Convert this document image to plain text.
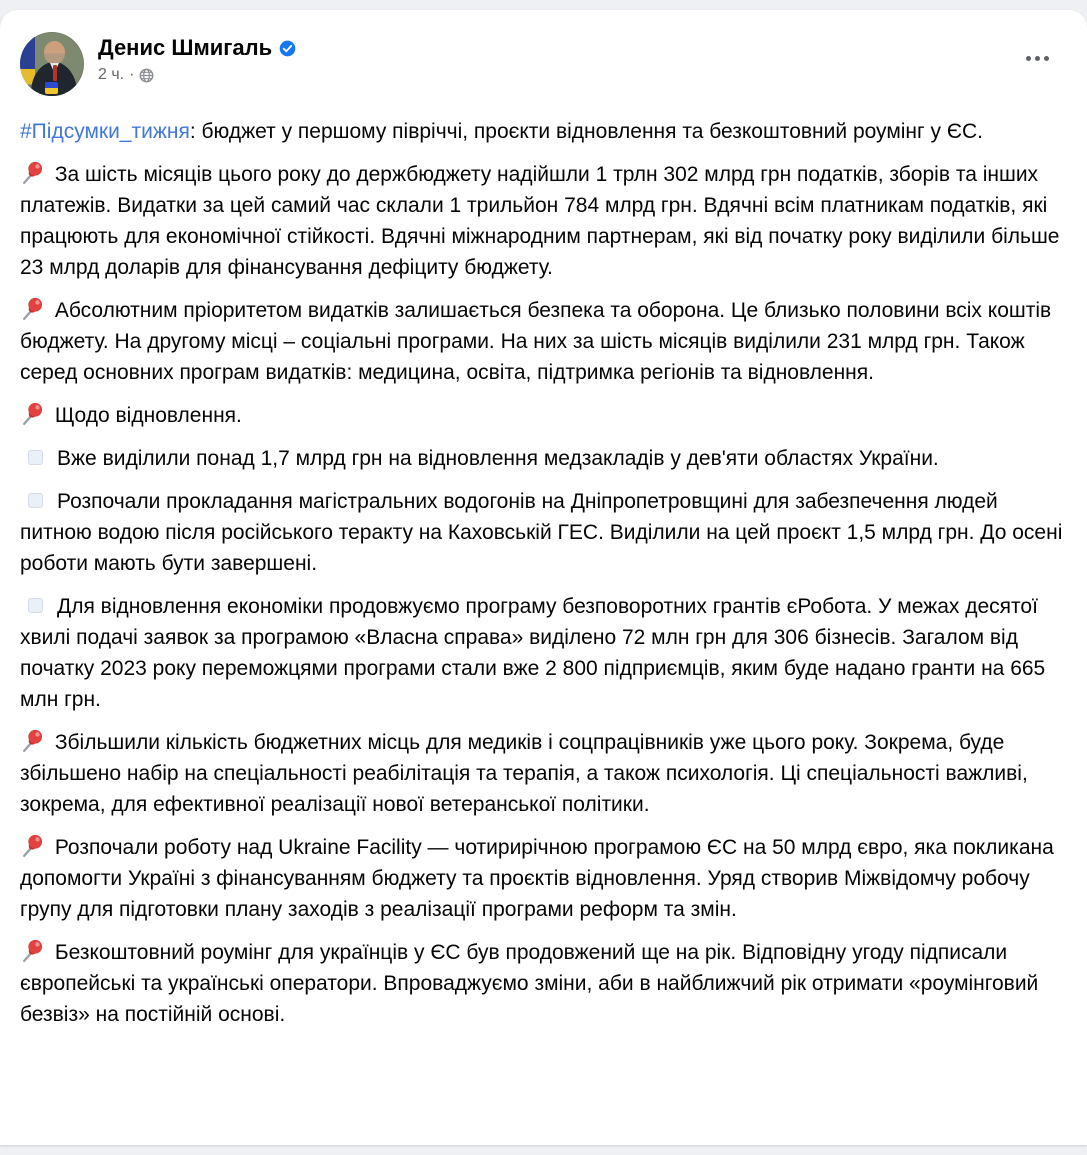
Денис Шмигаль
2 ч. ·

#Підсумки_тижня: бюджет у першому півріччі, проєкти відновлення та безкоштовний роумінг у ЄС.

За шість місяців цього року до держбюджету надійшли 1 трлн 302 млрд грн податків, зборів та інших платежів. Видатки за цей самий час склали 1 трильйон 784 млрд грн. Вдячні всім платникам податків, які працюють для економічної стійкості. Вдячні міжнародним партнерам, які від початку року виділили більше 23 млрд доларів для фінансування дефіциту бюджету.

Абсолютним пріоритетом видатків залишається безпека та оборона. Це близько половини всіх коштів бюджету. На другому місці – соціальні програми. На них за шість місяців виділили 231 млрд грн. Також серед основних програм видатків: медицина, освіта, підтримка регіонів та відновлення.

Щодо відновлення.

Вже виділили понад 1,7 млрд грн на відновлення медзакладів у дев'яти областях України.

Розпочали прокладання магістральних водогонів на Дніпропетровщині для забезпечення людей питною водою після російського теракту на Каховській ГЕС. Виділили на цей проєкт 1,5 млрд грн. До осені роботи мають бути завершені.

Для відновлення економіки продовжуємо програму безповоротних грантів єРобота. У межах десятої хвилі подачі заявок за програмою «Власна справа» виділено 72 млн грн для 306 бізнесів. Загалом від початку 2023 року переможцями програми стали вже 2 800 підприємців, яким буде надано гранти на 665 млн грн.

Збільшили кількість бюджетних місць для медиків і соцпрацівників уже цього року. Зокрема, буде збільшено набір на спеціальності реабілітація та терапія, а також психологія. Ці спеціальності важливі, зокрема, для ефективної реалізації нової ветеранської політики.

Розпочали роботу над Ukraine Facility — чотирирічною програмою ЄС на 50 млрд євро, яка покликана допомогти Україні з фінансуванням бюджету та проєктів відновлення. Уряд створив Міжвідомчу робочу групу для підготовки плану заходів з реалізації програми реформ та змін.

Безкоштовний роумінг для українців у ЄС був продовжений ще на рік. Відповідну угоду підписали європейські та українські оператори. Впроваджуємо зміни, аби в найближчий рік отримати «роумінговий безвіз» на постійній основі.
